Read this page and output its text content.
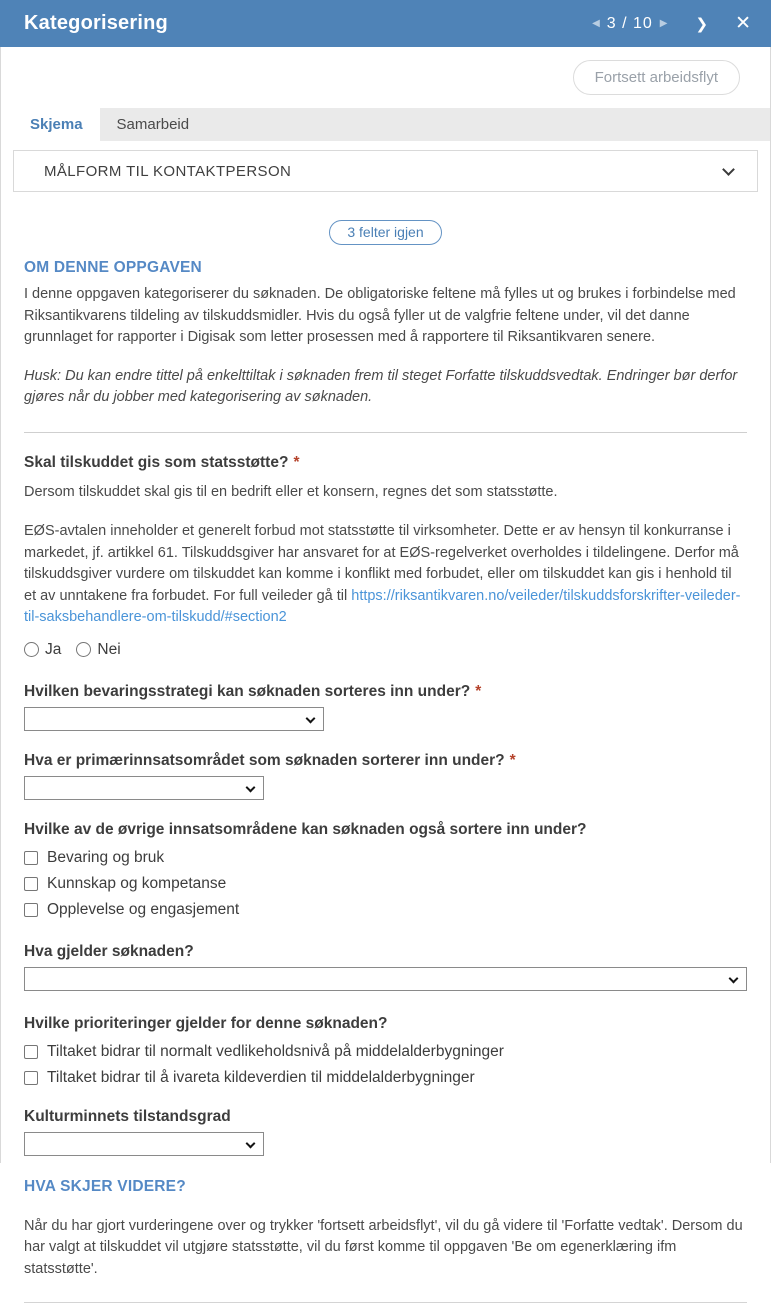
Kategorisering	◀ 3 / 10 ▶ ❯ ✕
Fortsett arbeidsflyt
Skjema	Samarbeid
MÅLFORM TIL KONTAKTPERSON
3 felter igjen
OM DENNE OPPGAVEN

I denne oppgaven kategoriserer du søknaden. De obligatoriske feltene må fylles ut og brukes i forbindelse med Riksantikvarens tildeling av tilskuddsmidler. Hvis du også fyller ut de valgfrie feltene under, vil det danne grunnlaget for rapporter i Digisak som letter prosessen med å rapportere til Riksantikvaren senere.

Husk: Du kan endre tittel på enkelttiltak i søknaden frem til steget Forfatte tilskuddsvedtak. Endringer bør derfor gjøres når du jobber med kategorisering av søknaden.

Skal tilskuddet gis som statsstøtte? *

Dersom tilskuddet skal gis til en bedrift eller et konsern, regnes det som statsstøtte.

EØS-avtalen inneholder et generelt forbud mot statsstøtte til virksomheter. Dette er av hensyn til konkurranse i markedet, jf. artikkel 61. Tilskuddsgiver har ansvaret for at EØS-regelverket overholdes i tildelingene. Derfor må tilskuddsgiver vurdere om tilskuddet kan komme i konflikt med forbudet, eller om tilskuddet kan gis i henhold til et av unntakene fra forbudet. For full veileder gå til https://riksantikvaren.no/veileder/tilskuddsforskrifter-veileder-til-saksbehandlere-om-tilskudd/#section2

Ja Nei
Hvilken bevaringsstrategi kan søknaden sorteres inn under? *
Hva er primærinnsatsområdet som søknaden sorterer inn under? *
Hvilke av de øvrige innsatsområdene kan søknaden også sortere inn under?
Bevaring og bruk
Kunnskap og kompetanse
Opplevelse og engasjement
Hva gjelder søknaden?
Hvilke prioriteringer gjelder for denne søknaden?
Tiltaket bidrar til normalt vedlikeholdsnivå på middelalderbygninger
Tiltaket bidrar til å ivareta kildeverdien til middelalderbygninger
Kulturminnets tilstandsgrad
HVA SKJER VIDERE?

Når du har gjort vurderingene over og trykker 'fortsett arbeidsflyt', vil du gå videre til 'Forfatte vedtak'. Dersom du har valgt at tilskuddet vil utgjøre statsstøtte, vil du først komme til oppgaven 'Be om egenerklæring ifm statsstøtte'.
